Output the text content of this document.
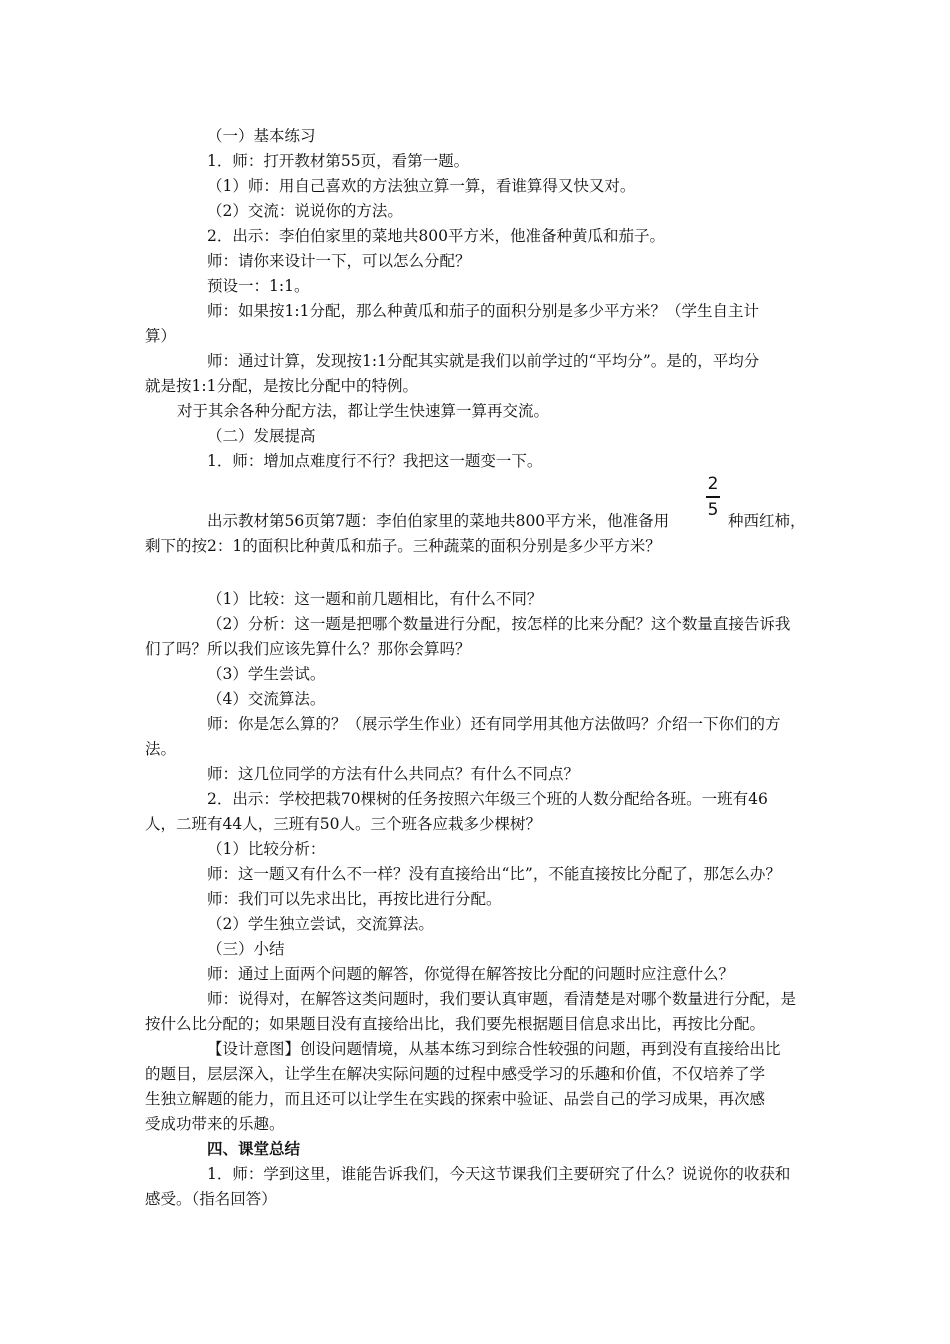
（一）基本练习
1．师：打开教材第55页，看第一题。
（1）师：用自己喜欢的方法独立算一算，看谁算得又快又对。
（2）交流：说说你的方法。
2．出示：李伯伯家里的菜地共800平方米，他准备种黄瓜和茄子。
师：请你来设计一下，可以怎么分配？
预设一：1:1。
师：如果按1:1分配，那么种黄瓜和茄子的面积分别是多少平方米？（学生自主计
算）
师：通过计算，发现按1:1分配其实就是我们以前学过的“平均分”。是的，平均分
就是按1:1分配，是按比分配中的特例。
对于其余各种分配方法，都让学生快速算一算再交流。
（二）发展提高
1．师：增加点难度行不行？我把这一题变一下。
出示教材第56页第7题：李伯伯家里的菜地共800平方米，他准备用
2
5
种西红柿，
剩下的按2：1的面积比种黄瓜和茄子。三种蔬菜的面积分别是多少平方米？
（1）比较：这一题和前几题相比，有什么不同？
（2）分析：这一题是把哪个数量进行分配，按怎样的比来分配？这个数量直接告诉我
们了吗？所以我们应该先算什么？那你会算吗？
（3）学生尝试。
（4）交流算法。
师：你是怎么算的？（展示学生作业）还有同学用其他方法做吗？介绍一下你们的方
法。
师：这几位同学的方法有什么共同点？有什么不同点？
2．出示：学校把栽70棵树的任务按照六年级三个班的人数分配给各班。一班有46
人，二班有44人，三班有50人。三个班各应栽多少棵树？
（1）比较分析：
师：这一题又有什么不一样？没有直接给出“比”，不能直接按比分配了，那怎么办？
师：我们可以先求出比，再按比进行分配。
（2）学生独立尝试，交流算法。
（三）小结
师：通过上面两个问题的解答，你觉得在解答按比分配的问题时应注意什么？
师：说得对，在解答这类问题时，我们要认真审题，看清楚是对哪个数量进行分配，是
按什么比分配的；如果题目没有直接给出比，我们要先根据题目信息求出比，再按比分配。
【设计意图】创设问题情境，从基本练习到综合性较强的问题，再到没有直接给出比
的题目，层层深入，让学生在解决实际问题的过程中感受学习的乐趣和价值，不仅培养了学
生独立解题的能力，而且还可以让学生在实践的探索中验证、品尝自己的学习成果，再次感
受成功带来的乐趣。
四、课堂总结
1．师：学到这里，谁能告诉我们，今天这节课我们主要研究了什么？说说你的收获和
感受。（指名回答）
